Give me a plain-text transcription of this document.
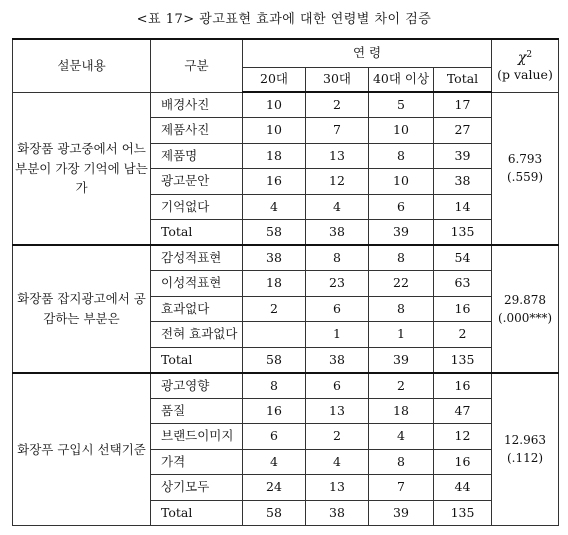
<표 17> 광고표현 효과에 대한 연령별 차이 검증
설문내용	구분	연 령				$\chi^2$
(p value)
		20대	30대	40대 이상	Total	
화장품 광고중에서 어느 부분이 가장 기억에 남는가	배경사진	10	2	5	17	6.793
(.559)
	제품사진	10	7	10	27	
	제품명	18	13	8	39	
	광고문안	16	12	10	38	
	기억없다	4	4	6	14	
	Total	58	38	39	135	
화장품 잡지광고에서 공감하는 부분은	감성적표현	38	8	8	54	29.878
(.000***)
	이성적표현	18	23	22	63	
	효과없다	2	6	8	16	
	전혀 효과없다		1	1	2	
	Total	58	38	39	135	
화장푸 구입시 선택기준	광고영향	8	6	2	16	12.963
(.112)
	품질	16	13	18	47	
	브랜드이미지	6	2	4	12	
	가격	4	4	8	16	
	상기모두	24	13	7	44	
	Total	58	38	39	135	
